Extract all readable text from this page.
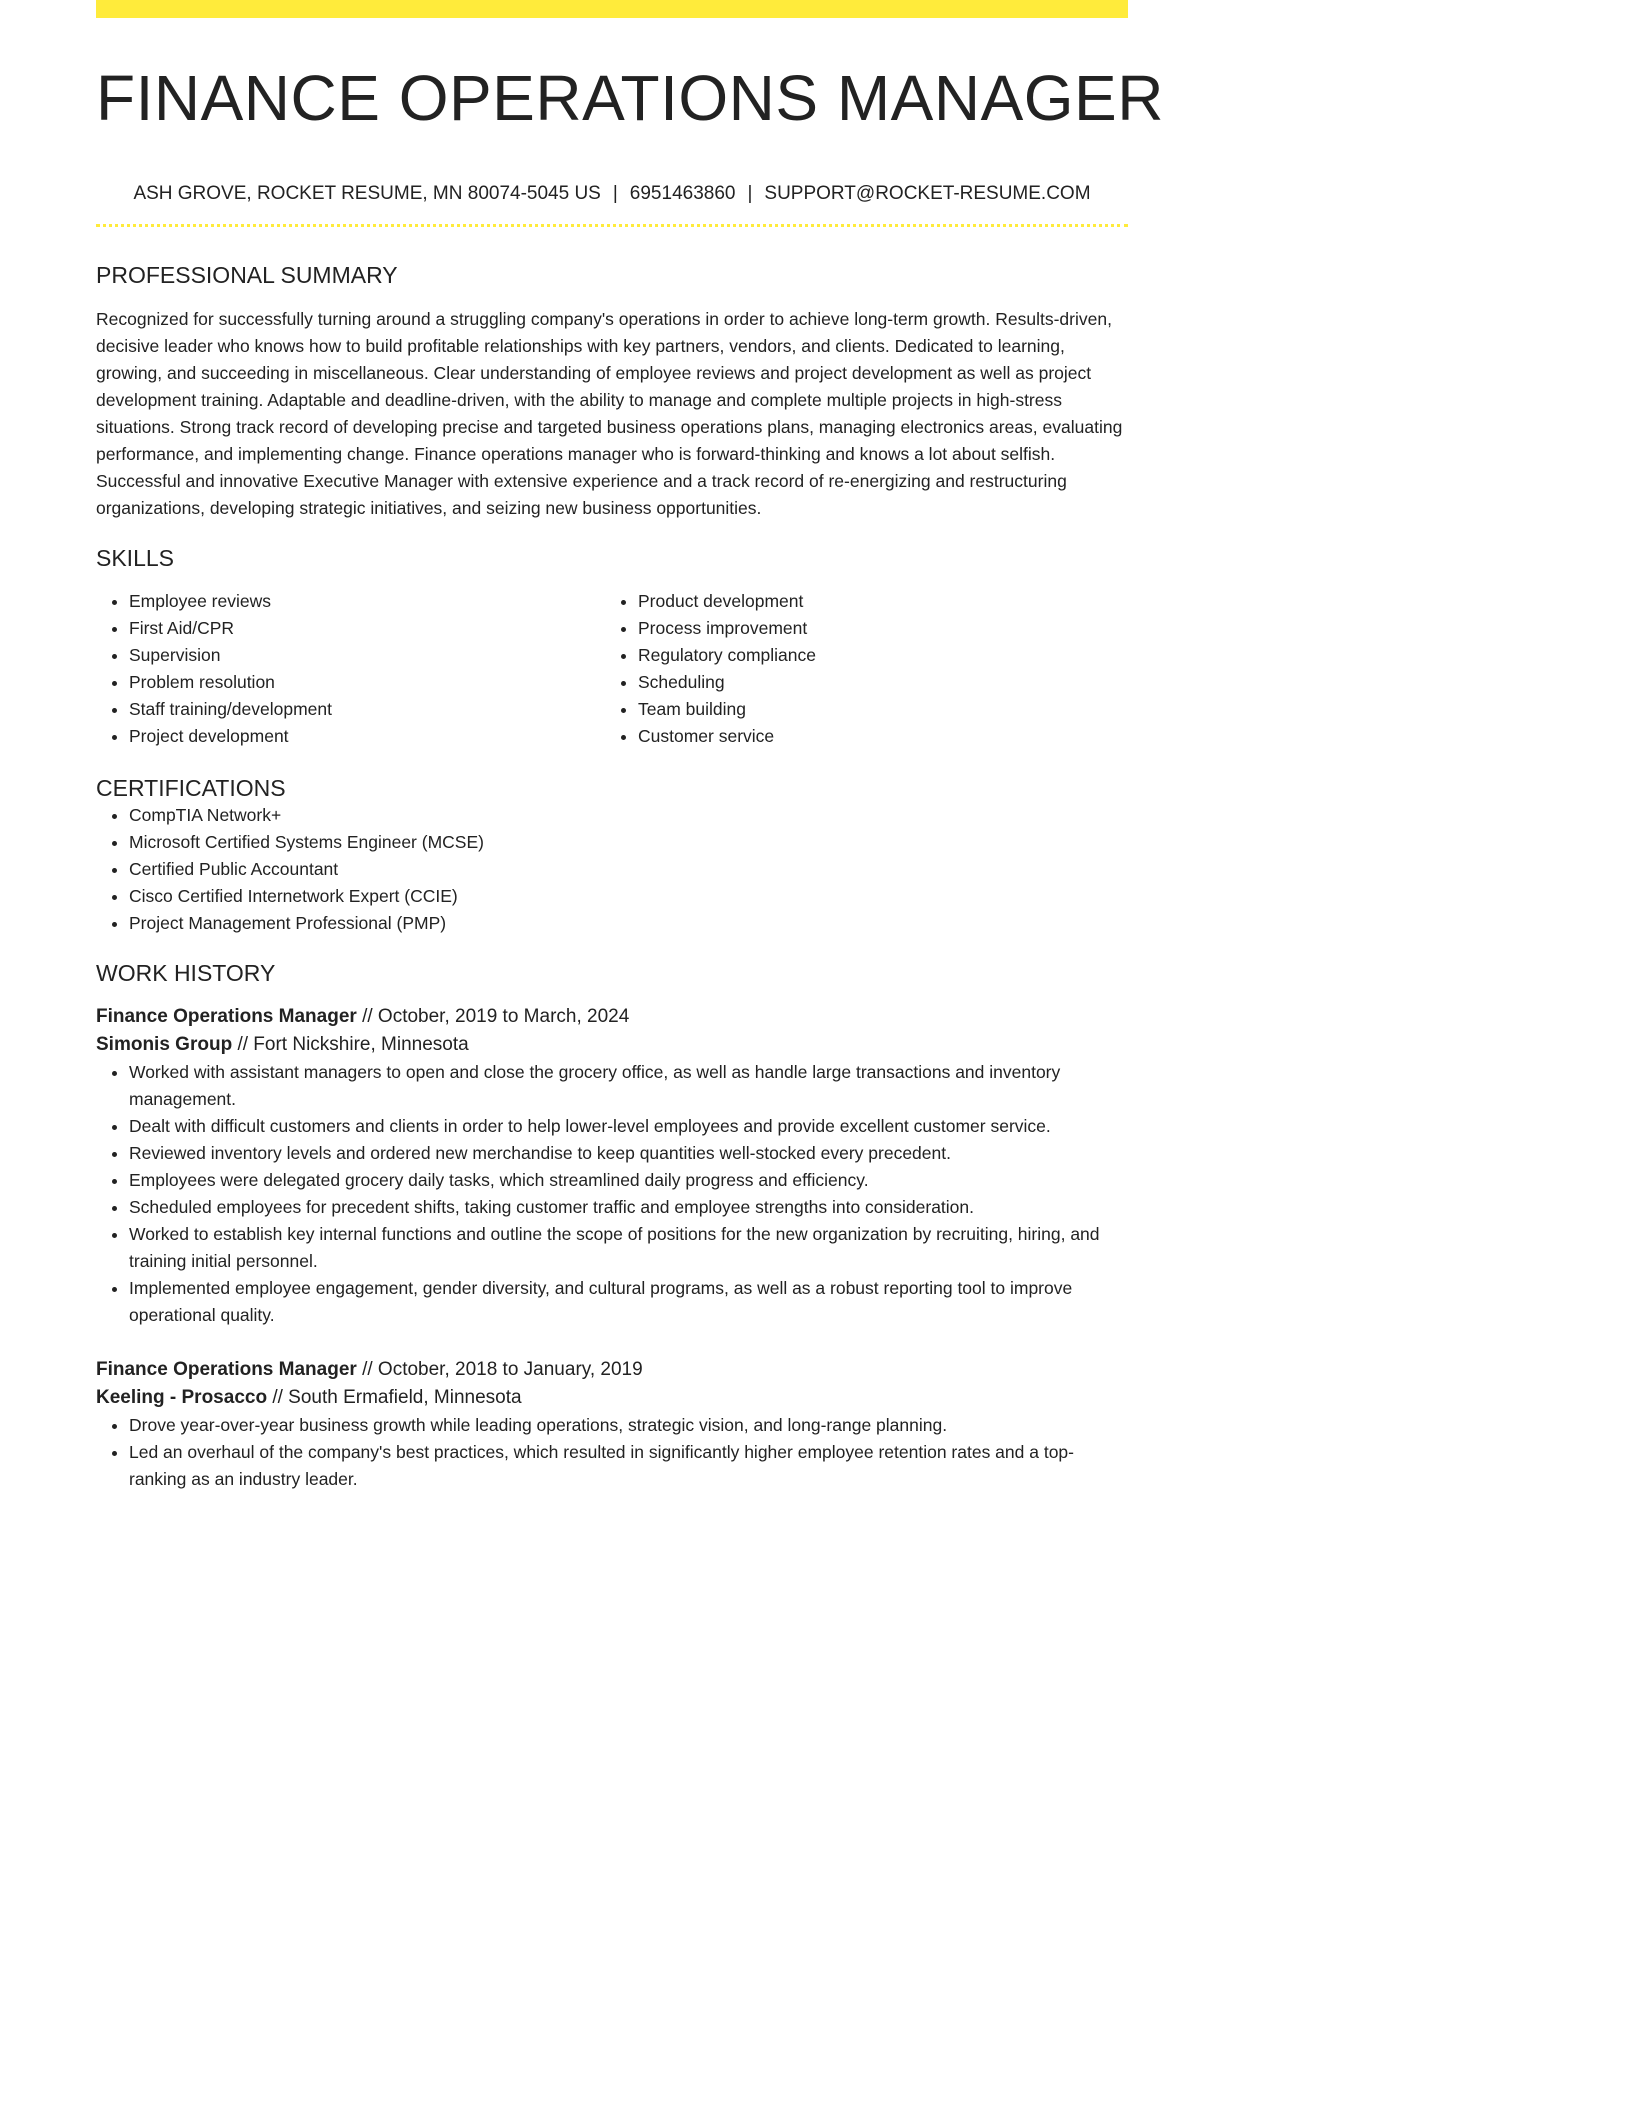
FINANCE OPERATIONS MANAGER
ASH GROVE, ROCKET RESUME, MN 80074-5045 US | 6951463860 | SUPPORT@ROCKET-RESUME.COM
PROFESSIONAL SUMMARY
Recognized for successfully turning around a struggling company's operations in order to achieve long-term growth. Results-driven, decisive leader who knows how to build profitable relationships with key partners, vendors, and clients. Dedicated to learning, growing, and succeeding in miscellaneous. Clear understanding of employee reviews and project development as well as project development training. Adaptable and deadline-driven, with the ability to manage and complete multiple projects in high-stress situations. Strong track record of developing precise and targeted business operations plans, managing electronics areas, evaluating performance, and implementing change. Finance operations manager who is forward-thinking and knows a lot about selfish. Successful and innovative Executive Manager with extensive experience and a track record of re-energizing and restructuring organizations, developing strategic initiatives, and seizing new business opportunities.
SKILLS
• Employee reviews
• First Aid/CPR
• Supervision
• Problem resolution
• Staff training/development
• Project development
• Product development
• Process improvement
• Regulatory compliance
• Scheduling
• Team building
• Customer service
CERTIFICATIONS
• CompTIA Network+
• Microsoft Certified Systems Engineer (MCSE)
• Certified Public Accountant
• Cisco Certified Internetwork Expert (CCIE)
• Project Management Professional (PMP)
WORK HISTORY
Finance Operations Manager // October, 2019 to March, 2024
Simonis Group // Fort Nickshire, Minnesota
• Worked with assistant managers to open and close the grocery office, as well as handle large transactions and inventory management.
• Dealt with difficult customers and clients in order to help lower-level employees and provide excellent customer service.
• Reviewed inventory levels and ordered new merchandise to keep quantities well-stocked every precedent.
• Employees were delegated grocery daily tasks, which streamlined daily progress and efficiency.
• Scheduled employees for precedent shifts, taking customer traffic and employee strengths into consideration.
• Worked to establish key internal functions and outline the scope of positions for the new organization by recruiting, hiring, and training initial personnel.
• Implemented employee engagement, gender diversity, and cultural programs, as well as a robust reporting tool to improve operational quality.
Finance Operations Manager // October, 2018 to January, 2019
Keeling - Prosacco // South Ermafield, Minnesota
• Drove year-over-year business growth while leading operations, strategic vision, and long-range planning.
• Led an overhaul of the company's best practices, which resulted in significantly higher employee retention rates and a top-ranking as an industry leader.
